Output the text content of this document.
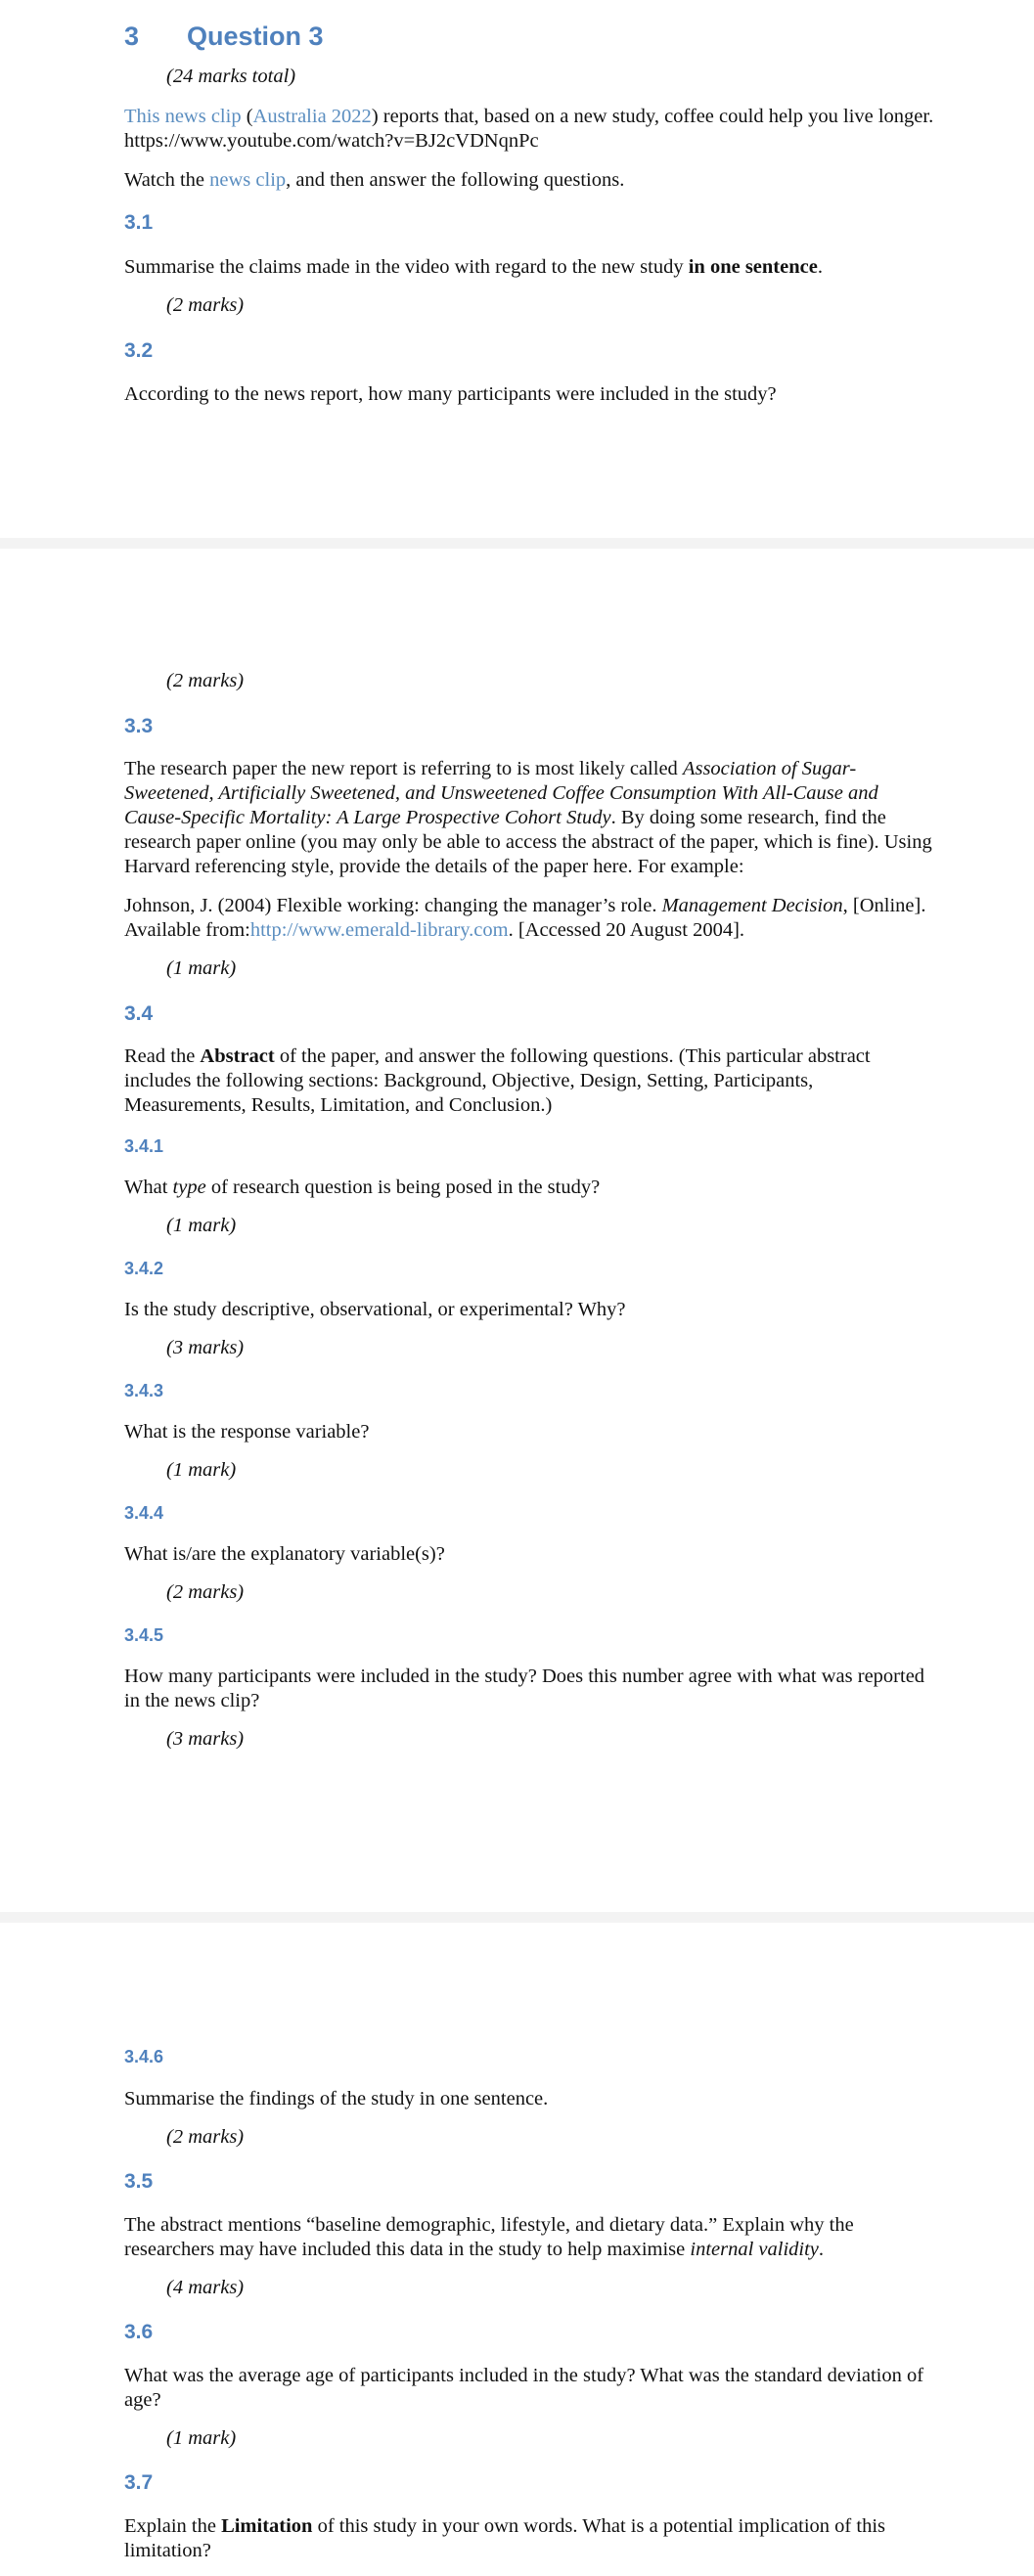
3 Question 3
(24 marks total)
This news clip (Australia 2022) reports that, based on a new study, coffee could help you live longer. https://www.youtube.com/watch?v=BJ2cVDNqnPc
Watch the news clip, and then answer the following questions.
3.1
Summarise the claims made in the video with regard to the new study in one sentence.
(2 marks)
3.2
According to the news report, how many participants were included in the study?
(2 marks)
3.3
The research paper the new report is referring to is most likely called Association of Sugar-Sweetened, Artificially Sweetened, and Unsweetened Coffee Consumption With All-Cause and Cause-Specific Mortality: A Large Prospective Cohort Study. By doing some research, find the research paper online (you may only be able to access the abstract of the paper, which is fine). Using Harvard referencing style, provide the details of the paper here. For example:
Johnson, J. (2004) Flexible working: changing the manager’s role. Management Decision, [Online]. Available from:http://www.emerald-library.com. [Accessed 20 August 2004].
(1 mark)
3.4
Read the Abstract of the paper, and answer the following questions. (This particular abstract includes the following sections: Background, Objective, Design, Setting, Participants, Measurements, Results, Limitation, and Conclusion.)
3.4.1
What type of research question is being posed in the study?
(1 mark)
3.4.2
Is the study descriptive, observational, or experimental? Why?
(3 marks)
3.4.3
What is the response variable?
(1 mark)
3.4.4
What is/are the explanatory variable(s)?
(2 marks)
3.4.5
How many participants were included in the study? Does this number agree with what was reported in the news clip?
(3 marks)
3.4.6
Summarise the findings of the study in one sentence.
(2 marks)
3.5
The abstract mentions “baseline demographic, lifestyle, and dietary data.” Explain why the researchers may have included this data in the study to help maximise internal validity.
(4 marks)
3.6
What was the average age of participants included in the study? What was the standard deviation of age?
(1 mark)
3.7
Explain the Limitation of this study in your own words. What is a potential implication of this limitation?
